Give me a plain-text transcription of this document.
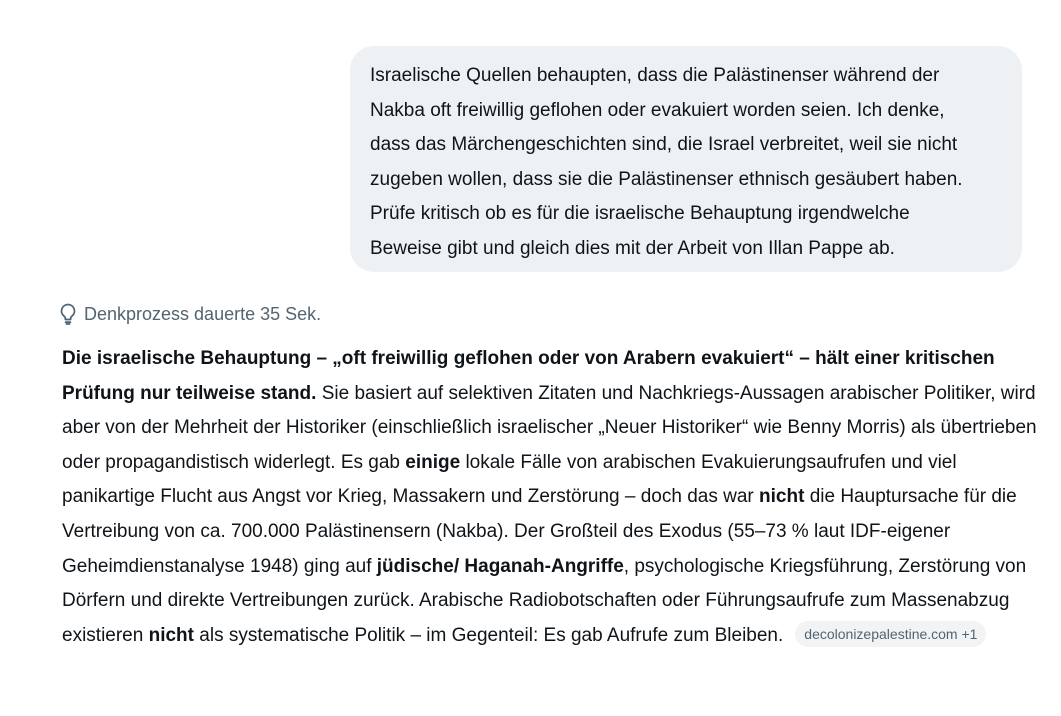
Israelische Quellen behaupten, dass die Palästinenser während der
Nakba oft freiwillig geflohen oder evakuiert worden seien. Ich denke,
dass das Märchengeschichten sind, die Israel verbreitet, weil sie nicht
zugeben wollen, dass sie die Palästinenser ethnisch gesäubert haben.
Prüfe kritisch ob es für die israelische Behauptung irgendwelche
Beweise gibt und gleich dies mit der Arbeit von Illan Pappe ab.

Denkprozess dauerte 35 Sek.

Die israelische Behauptung – „oft freiwillig geflohen oder von Arabern evakuiert“ – hält einer kritischen Prüfung nur teilweise stand. Sie basiert auf selektiven Zitaten und Nachkriegs-Aussagen arabischer Politiker, wird aber von der Mehrheit der Historiker (einschließlich israelischer „Neuer Historiker“ wie Benny Morris) als übertrieben oder propagandistisch widerlegt. Es gab einige lokale Fälle von arabischen Evakuierungsaufrufen und viel panikartige Flucht aus Angst vor Krieg, Massakern und Zerstörung – doch das war nicht die Hauptursache für die Vertreibung von ca. 700.000 Palästinensern (Nakba). Der Großteil des Exodus (55–73 % laut IDF-eigener Geheimdienstanalyse 1948) ging auf jüdische/ Haganah-Angriffe, psychologische Kriegsführung, Zerstörung von Dörfern und direkte Vertreibungen zurück. Arabische Radiobotschaften oder Führungsaufrufe zum Massenabzug existieren nicht als systematische Politik – im Gegenteil: Es gab Aufrufe zum Bleiben. decolonizepalestine.com +1
